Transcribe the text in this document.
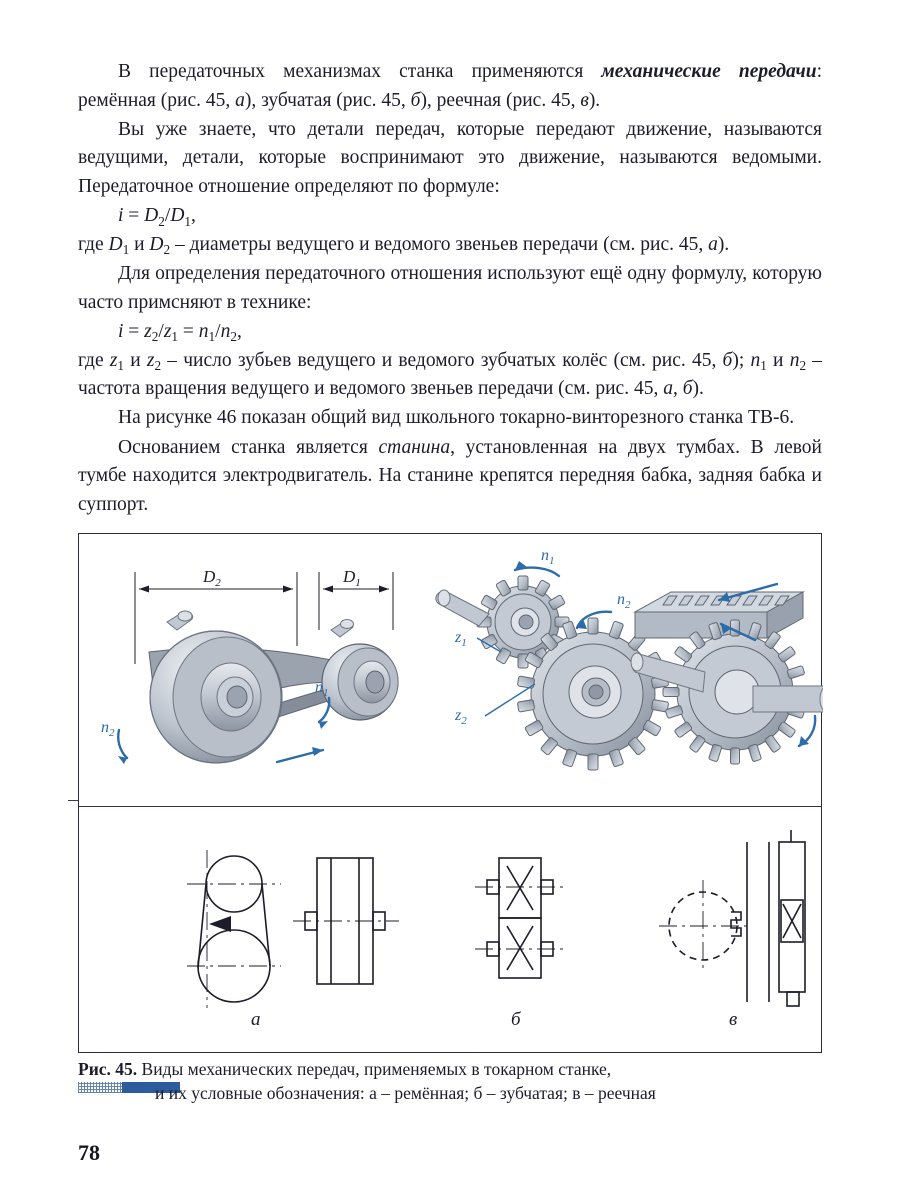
В передаточных механизмах станка применяются механические передачи: ремённая (рис. 45, а), зубчатая (рис. 45, б), реечная (рис. 45, в).

Вы уже знаете, что детали передач, которые передают движение, называются ведущими, детали, которые воспринимают это движение, называются ведомыми. Передаточное отношение определяют по формуле:

$i = D_2/D_1$,

где $D_1$ и $D_2$ – диаметры ведущего и ведомого звеньев передачи (см. рис. 45, а).

Для определения передаточного отношения используют ещё одну формулу, которую часто примсняют в технике:

$i = z_2/z_1 = n_1/n_2$,

где $z_1$ и $z_2$ – число зубьев ведущего и ведомого зубчатых колёс (см. рис. 45, б); $n_1$ и $n_2$ – частота вращения ведущего и ведомого звеньев передачи (см. рис. 45, а, б).

На рисунке 46 показан общий вид школьного токарно-винторезного станка ТВ-6.

Основанием станка является станина, установленная на двух тумбах. В левой тумбе находится электродвигатель. На станине крепятся передняя бабка, задняя бабка и суппорт.

$D_2$	$D_1$
$n_2$
$n_1$
$z_1$
$z_2$
$n_1$
$n_2$
а	б	в
Рис. 45. Виды механических передач, применяемых в токарном станке,
и их условные обозначения: а – ремённая; б – зубчатая; в – реечная
78
